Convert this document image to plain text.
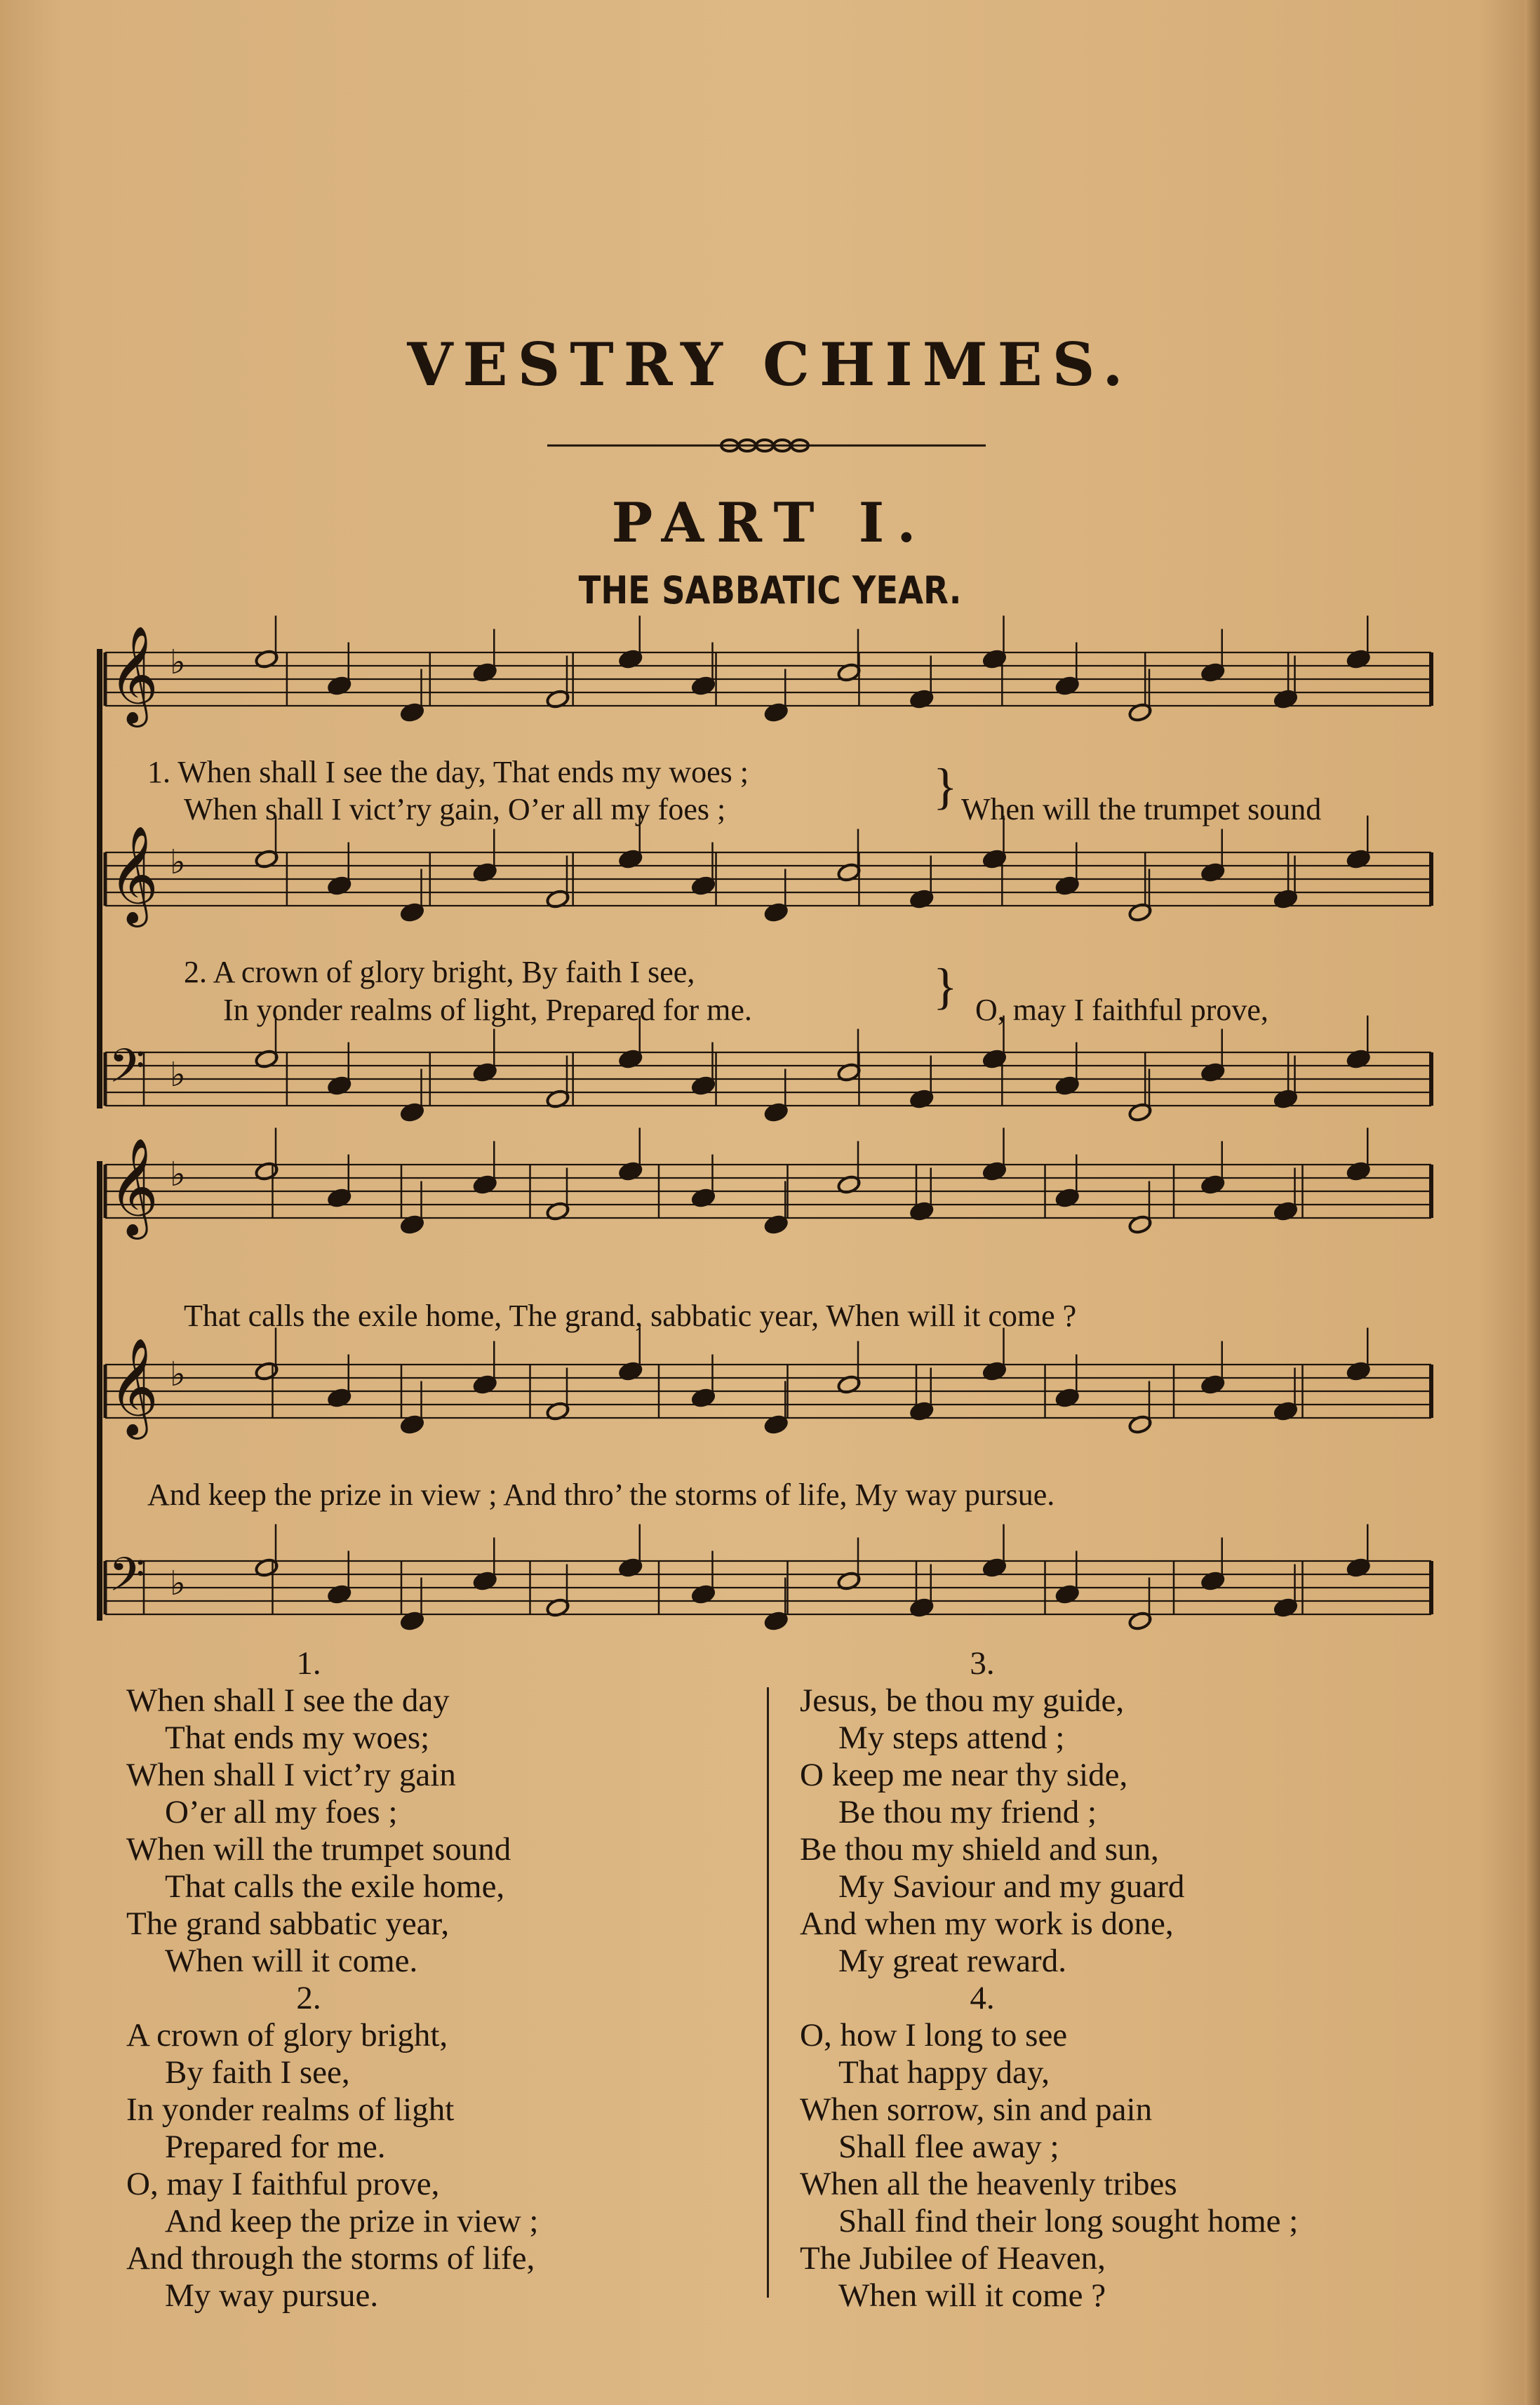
VESTRY CHIMES.
PART I.
THE SABBATIC YEAR.
𝄞 ♭
𝄞 ♭
𝄢 ♭
𝄞 ♭
𝄞 ♭
𝄢 ♭
1. When shall I see the day, That ends my woes ;
When shall I vict’ry gain, O’er all my foes ;	} When will the trumpet sound
2. A crown of glory bright, By faith I see,
In yonder realms of light, Prepared for me.	} O, may I faithful prove,
That calls the exile home, The grand, sabbatic year, When will it come ?
And keep the prize in view ; And thro’ the storms of life, My way pursue.
1.
When shall I see the day
That ends my woes;
When shall I vict’ry gain
O’er all my foes ;
When will the trumpet sound
That calls the exile home,
The grand sabbatic year,
When will it come.
2.
A crown of glory bright,
By faith I see,
In yonder realms of light
Prepared for me.
O, may I faithful prove,
And keep the prize in view ;
And through the storms of life,
My way pursue.
3.
Jesus, be thou my guide,
My steps attend ;
O keep me near thy side,
Be thou my friend ;
Be thou my shield and sun,
My Saviour and my guard
And when my work is done,
My great reward.
4.
O, how I long to see
That happy day,
When sorrow, sin and pain
Shall flee away ;
When all the heavenly tribes
Shall find their long sought home ;
The Jubilee of Heaven,
When will it come ?
